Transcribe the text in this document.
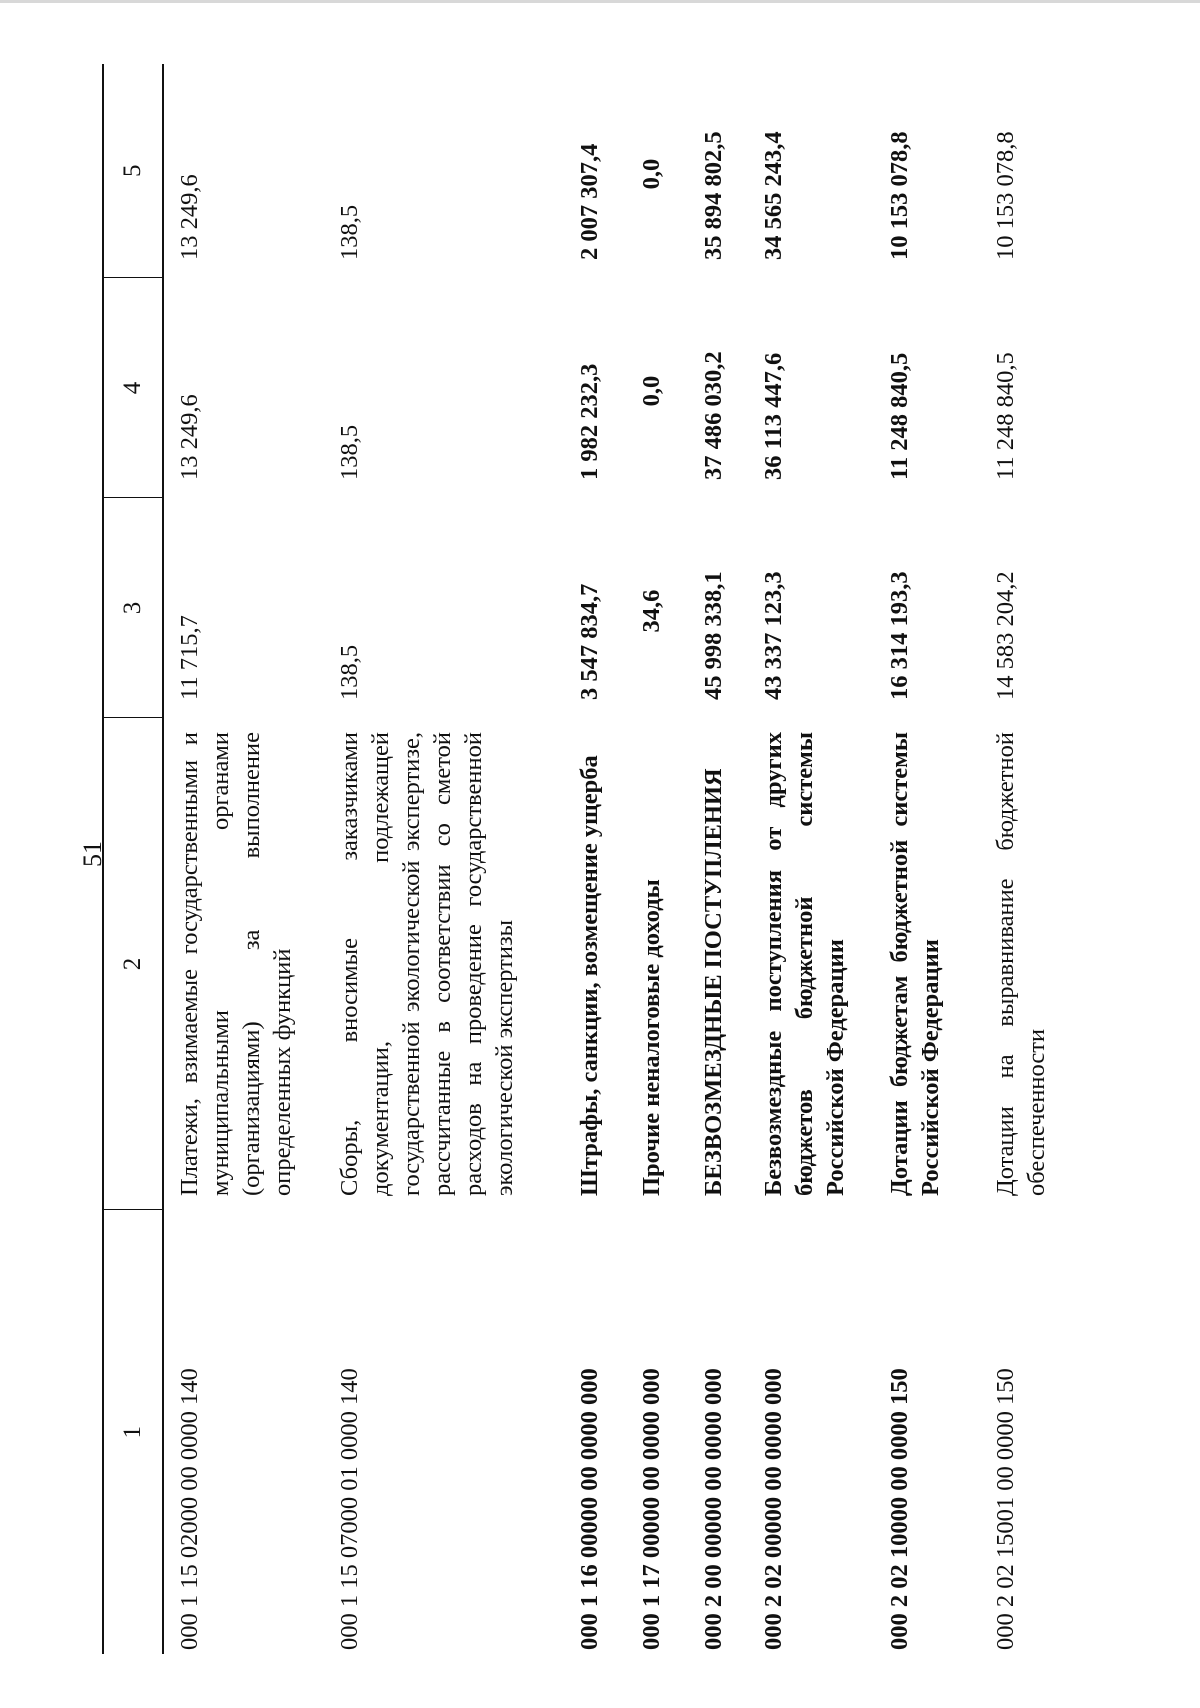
51
1	2	3	4	5
000 1 15 02000 00 0000 140	Платежи, взимаемые государственными и муниципальными органами (организациями) за выполнение определенных функций	11 715,7	13 249,6	13 249,6
000 1 15 07000 01 0000 140	Сборы, вносимые заказчиками документации, подлежащей государственной экологической экспертизе, рассчитанные в соответствии со сметой расходов на проведение государственной экологической экспертизы	138,5	138,5	138,5
000 1 16 00000 00 0000 000	Штрафы, санкции, возмещение ущерба	3 547 834,7	1 982 232,3	2 007 307,4
000 1 17 00000 00 0000 000	Прочие неналоговые доходы	34,6	0,0	0,0
000 2 00 00000 00 0000 000	БЕЗВОЗМЕЗДНЫЕ ПОСТУПЛЕНИЯ	45 998 338,1	37 486 030,2	35 894 802,5
000 2 02 00000 00 0000 000	Безвозмездные поступления от других бюджетов бюджетной системы Российской Федерации	43 337 123,3	36 113 447,6	34 565 243,4
000 2 02 10000 00 0000 150	Дотации бюджетам бюджетной системы Российской Федерации	16 314 193,3	11 248 840,5	10 153 078,8
000 2 02 15001 00 0000 150	Дотации на выравнивание бюджетной обеспеченности	14 583 204,2	11 248 840,5	10 153 078,8
